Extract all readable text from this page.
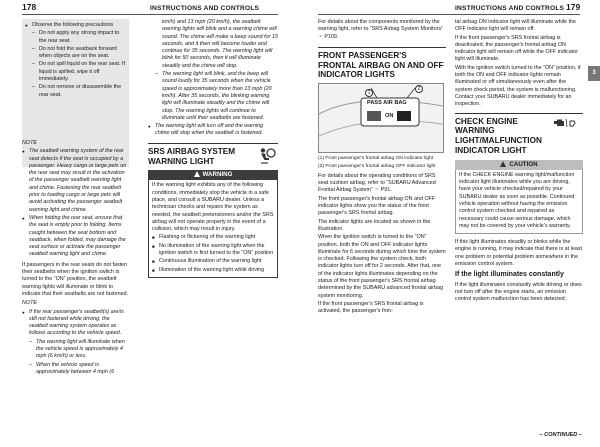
178	INSTRUCTIONS AND CONTROLS	INSTRUCTIONS AND CONTROLS 179
3
● Observe the following precautions
– Do not apply any strong impact to the rear seat.
– Do not fold the seatback forward when objects are on the seat.
– Do not spill liquid on the rear seat. If liquid is spilled, wipe it off immediately.
– Do not remove or disassemble the rear seat.

NOTE

● The seatbelt warning system of the rear seat detects if the seat is occupied by a passenger. Heavy cargo or large pets on the rear seat may result in the activation of the passenger seatbelt warning light and chime. Fastening the rear seatbelt prior to loading cargo or large pets will avoid activating the passenger seatbelt warning light and chime.
● When folding the rear seat, ensure that the seat is empty prior to folding. Items caught between the seat bottom and seatback, when folded, may damage the seat surface or activate the passenger seatbelt warning light and chime.

If passengers in the rear seats do not fasten their seatbelts when the ignition switch is turned to the “ON” position, the seatbelt warning lights will illuminate or blink to indicate that their seatbelts are not fastened.

NOTE

● If the rear passenger's seatbelt(s) are/is still not fastened while driving, the seatbelt warning system operates as follows according to the vehicle speed.
– The warning light will illuminate when the vehicle speed is approximately 4 mph (6 km/h) or less.
– When the vehicle speed is approximately between 4 mph (6

km/h) and 13 mph (20 km/h), the seatbelt warning lights will blink and a warning chime will sound. The chime will make a beep sound for 15 seconds, and it then will become louder and continue for 35 seconds. The warning light will blink for 50 seconds, then it will illuminate steadily and the chime will stop.

– The warning light will blink, and the beep will sound loudly for 35 seconds when the vehicle speed is approximately more than 13 mph (20 km/h). After 35 seconds, the blinking warning light will illuminate steadily and the chime will stop. The warning lights will continue to illuminate until their seatbelts are fastened.
● The warning light will turn off and the warning chime will stop when the seatbelt is fastened.
SRS AIRBAG SYSTEM WARNING LIGHT
WARNING

If the warning light exhibits any of the following conditions, immediately stop the vehicle in a safe place, and consult a SUBARU dealer. Unless a technician checks and repairs the system as needed, the seatbelt pretensioners and/or the SRS airbag will not operate properly in the event of a collision, which may result in injury.

■ Flashing or flickering of the warning light
■ No illumination of the warning light when the ignition switch is first turned to the “ON” position
■ Continuous illumination of the warning light
■ Illumination of the warning light while driving

For details about the components monitored by the warning light, refer to “SRS Airbag System Monitors” ☞ P109.

FRONT PASSENGER'S FRONTAL AIRBAG ON AND OFF INDICATOR LIGHTS
PASS AIR BAG
ON
1
2

(1) Front passenger's frontal airbag ON indicator light

(2) Front passenger's frontal airbag OFF indicator light

For details about the operating conditions of SRS seat cushion airbag, refer to “SUBARU Advanced Frontal Airbag System” ☞ P91.

The front passenger's frontal airbag ON and OFF indicator lights show you the status of the front passenger's SRS frontal airbag.

The indicator lights are located as shown in the illustration.

When the ignition switch is turned to the “ON” position, both the ON and OFF indicator lights illuminate for 6 seconds during which time the system is checked. Following the system check, both indicator lights turn off for 2 seconds. After that, one of the indicator lights illuminates depending on the status of the front passenger's SRS frontal airbag determined by the SUBARU advanced frontal airbag system monitoring.

If the front passenger's SRS frontal airbag is activated, the passenger's fron-

tal airbag ON indicator light will illuminate while the OFF indicator light will remain off.

If the front passenger's SRS frontal airbag is deactivated, the passenger's frontal airbag ON indicator light will remain off while the OFF indicator light will illuminate.

With the ignition switch turned to the “ON” position, if both the ON and OFF indicator lights remain illuminated or off simultaneously even after the system check period, the system is malfunctioning. Contact your SUBARU dealer immediately for an inspection.

CHECK ENGINE WARNING LIGHT/MALFUNCTION INDICATOR LIGHT
CAUTION

If the CHECK ENGINE warning light/malfunction indicator light illuminates while you are driving, have your vehicle checked/repaired by your SUBARU dealer as soon as possible. Continued vehicle operation without having the emission control system checked and repaired as necessary could cause serious damage, which may not be covered by your vehicle's warranty.

If this light illuminates steadily or blinks while the engine is running, it may indicate that there is at least one problem or potential problem somewhere in the emission control system.

If the light illuminates constantly

If the light illuminates constantly while driving or does not turn off after the engine starts, an emission control system malfunction has been detected.

– CONTINUED –
